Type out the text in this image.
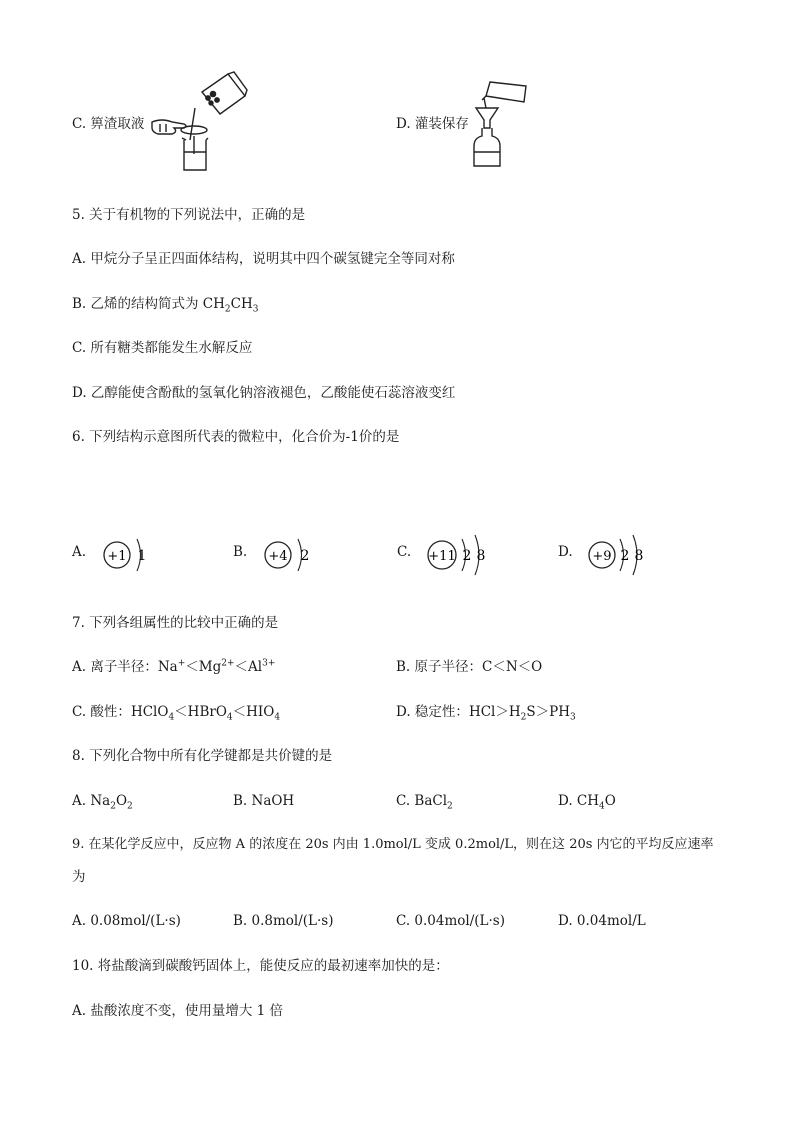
C. 箅渣取液	D. 灌装保存
5. 关于有机物的下列说法中，正确的是
A. 甲烷分子呈正四面体结构，说明其中四个碳氢键完全等同对称
B. 乙烯的结构简式为 $CH_2CH_3$
C. 所有糖类都能发生水解反应
D. 乙醇能使含酚酞的氢氧化钠溶液褪色，乙酸能使石蕊溶液变红
6. 下列结构示意图所代表的微粒中，化合价为-1价的是
A. +1 1	B. +4 2	C. +11 2 8	D. +9 2 8
7. 下列各组属性的比较中正确的是
A. 离子半径：$Na^+<Mg^{2+}<Al^{3+}$	B. 原子半径：C＜N＜O
C. 酸性：$HClO_4<HBrO_4<HIO_4$	D. 稳定性：$HCl>H_2S>PH_3$
8. 下列化合物中所有化学键都是共价键的是
A. $Na_2O_2$	B. NaOH	C. BaCl$_2$	D. $CH_4O$
9. 在某化学反应中，反应物 A 的浓度在 20s 内由 1.0mol/L 变成 0.2mol/L，则在这 20s 内它的平均反应速率
为
A. 0.08mol/(L·s)	B. 0.8mol/(L·s)	C. 0.04mol/(L·s)	D. 0.04mol/L
10. 将盐酸滴到碳酸钙固体上，能使反应的最初速率加快的是：
A. 盐酸浓度不变，使用量增大 1 倍
